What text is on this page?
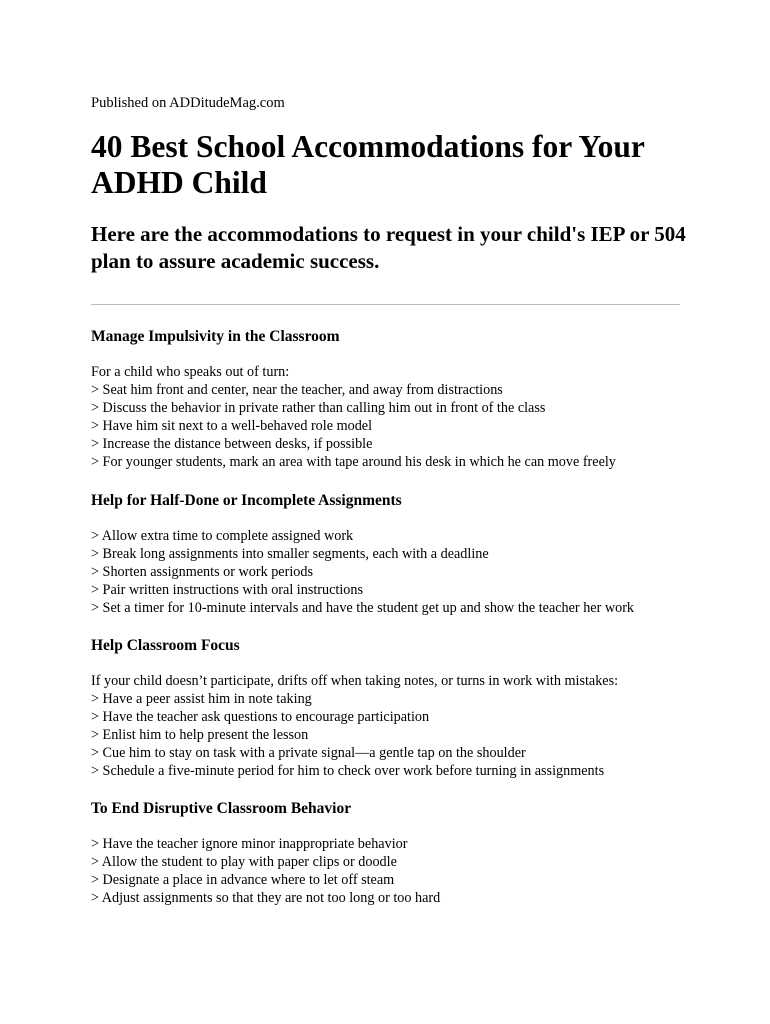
Published on ADDitudeMag.com

40 Best School Accommodations for Your ADHD Child

Here are the accommodations to request in your child's IEP or 504 plan to assure academic success.

Manage Impulsivity in the Classroom
For a child who speaks out of turn:
> Seat him front and center, near the teacher, and away from distractions
> Discuss the behavior in private rather than calling him out in front of the class
> Have him sit next to a well-behaved role model
> Increase the distance between desks, if possible
> For younger students, mark an area with tape around his desk in which he can move freely
Help for Half-Done or Incomplete Assignments
> Allow extra time to complete assigned work
> Break long assignments into smaller segments, each with a deadline
> Shorten assignments or work periods
> Pair written instructions with oral instructions
> Set a timer for 10-minute intervals and have the student get up and show the teacher her work
Help Classroom Focus
If your child doesn’t participate, drifts off when taking notes, or turns in work with mistakes:
> Have a peer assist him in note taking
> Have the teacher ask questions to encourage participation
> Enlist him to help present the lesson
> Cue him to stay on task with a private signal—a gentle tap on the shoulder
> Schedule a five-minute period for him to check over work before turning in assignments
To End Disruptive Classroom Behavior
> Have the teacher ignore minor inappropriate behavior
> Allow the student to play with paper clips or doodle
> Designate a place in advance where to let off steam
> Adjust assignments so that they are not too long or too hard
